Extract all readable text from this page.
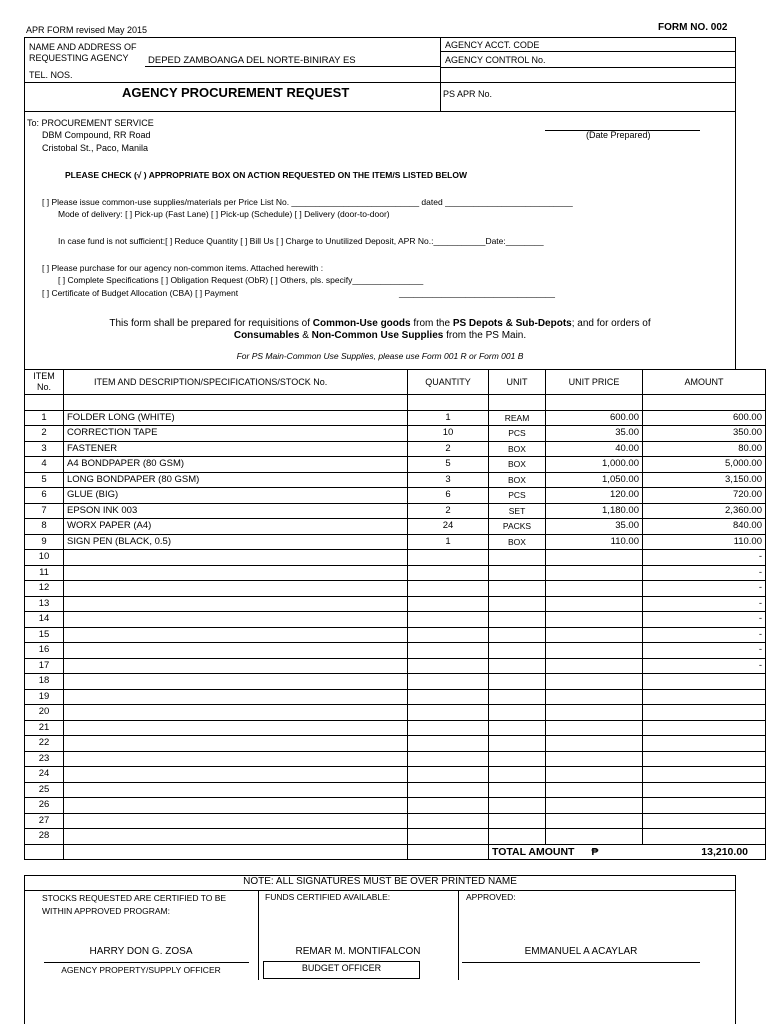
APR FORM revised May 2015	FORM NO. 002
NAME AND ADDRESS OF REQUESTING AGENCY	DEPED ZAMBOANGA DEL NORTE-BINIRAY ES
TEL. NOS.
AGENCY ACCT. CODE
AGENCY CONTROL No.
AGENCY PROCUREMENT REQUEST	PS APR No.
To: PROCUREMENT SERVICE
DBM Compound, RR Road
Cristobal St., Paco, Manila
(Date Prepared)
PLEASE CHECK (√ ) APPROPRIATE BOX ON ACTION REQUESTED ON THE ITEM/S LISTED BELOW
[ ] Please issue common-use supplies/materials per Price List No. ___________________________ dated ___________________________
Mode of delivery: [ ] Pick-up (Fast Lane) [ ] Pick-up (Schedule) [ ] Delivery (door-to-door)
In case fund is not sufficient:[ ] Reduce Quantity [ ] Bill Us [ ] Charge to Unutilized Deposit, APR No.:___________Date:________
[ ] Please purchase for our agency non-common items. Attached herewith :
[ ] Complete Specifications [ ] Obligation Request (ObR) [ ] Others, pls. specify_______________
[ ] Certificate of Budget Allocation (CBA) [ ] Payment	_________________________________
This form shall be prepared for requisitions of Common-Use goods from the PS Depots & Sub-Depots; and for orders of
Consumables & Non-Common Use Supplies from the PS Main.
For PS Main-Common Use Supplies, please use Form 001 R or Form 001 B
ITEM No.	ITEM AND DESCRIPTION/SPECIFICATIONS/STOCK No.	QUANTITY	UNIT	UNIT PRICE	AMOUNT

1	FOLDER LONG (WHITE)	1	REAM	600.00	600.00
2	CORRECTION TAPE	10	PCS	35.00	350.00
3	FASTENER	2	BOX	40.00	80.00
4	A4 BONDPAPER (80 GSM)	5	BOX	1,000.00	5,000.00
5	LONG BONDPAPER (80 GSM)	3	BOX	1,050.00	3,150.00
6	GLUE (BIG)	6	PCS	120.00	720.00
7	EPSON INK 003	2	SET	1,180.00	2,360.00
8	WORX PAPER (A4)	24	PACKS	35.00	840.00
9	SIGN PEN (BLACK, 0.5)	1	BOX	110.00	110.00
10					-
11					-
12					-
13					-
14					-
15					-
16					-
17					-
18					
19					
20					
21					
22					
23					
24					
25					
26					
27					
28					
			TOTAL AMOUNT ₱ 13,210.00		
NOTE: ALL SIGNATURES MUST BE OVER PRINTED NAME
STOCKS REQUESTED ARE CERTIFIED TO BE WITHIN APPROVED PROGRAM:
FUNDS CERTIFIED AVAILABLE:	APPROVED:
HARRY DON G. ZOSA
AGENCY PROPERTY/SUPPLY OFFICER
REMAR M. MONTIFALCON
BUDGET OFFICER
EMMANUEL A ACAYLAR
